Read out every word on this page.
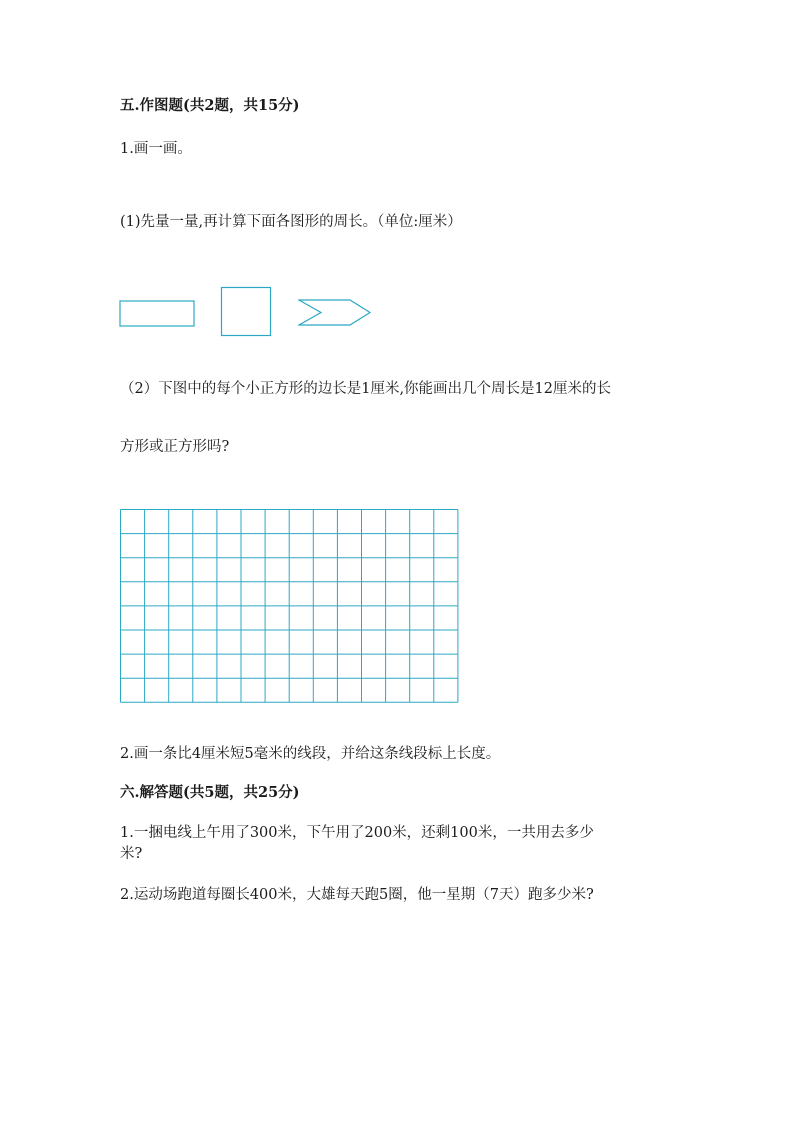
五.作图题(共2题，共15分)
1.画一画。
(1)先量一量,再计算下面各图形的周长。（单位:厘米）
（2）下图中的每个小正方形的边长是1厘米,你能画出几个周长是12厘米的长
方形或正方形吗?
2.画一条比4厘米短5毫米的线段，并给这条线段标上长度。
六.解答题(共5题，共25分)
1.一捆电线上午用了300米，下午用了200米，还剩100米，一共用去多少
米?
2.运动场跑道每圈长400米，大雄每天跑5圈，他一星期（7天）跑多少米?
